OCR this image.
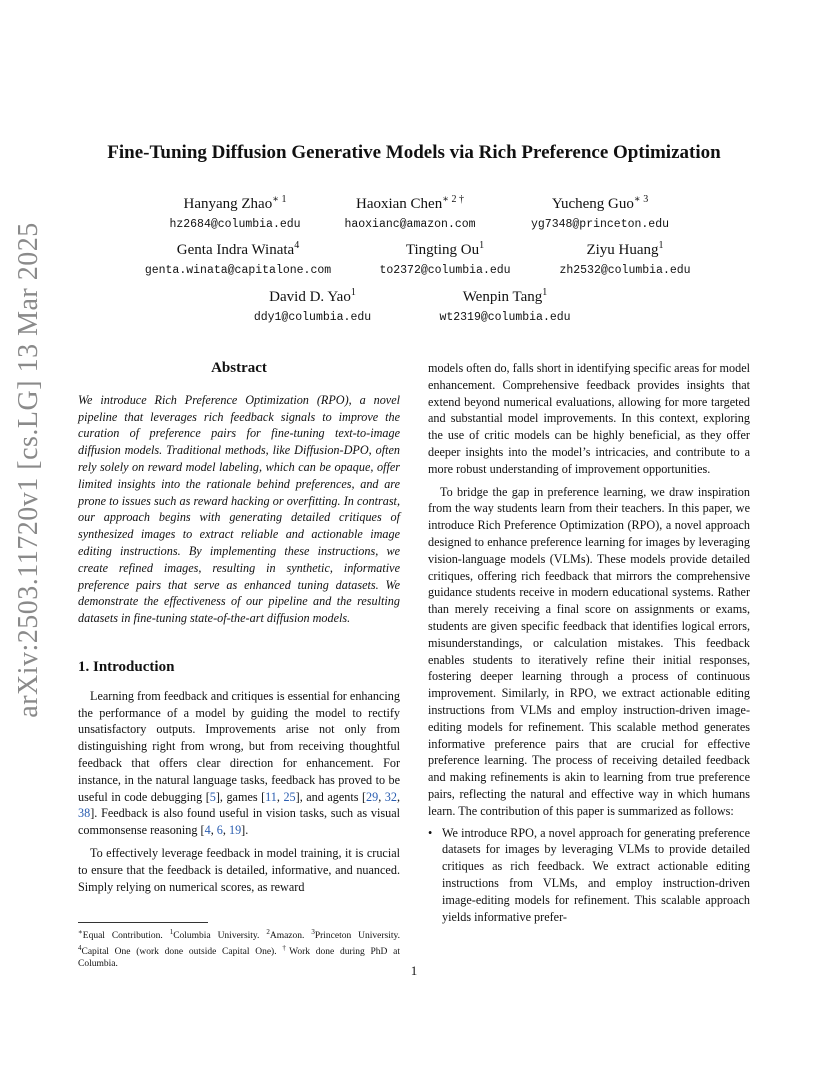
arXiv:2503.11720v1 [cs.LG] 13 Mar 2025
Fine-Tuning Diffusion Generative Models via Rich Preference Optimization
Hanyang Zhao$^{∗ 1}$
hz2684@columbia.edu
Haoxian Chen$^{∗ 2 \dagger}$
haoxianc@amazon.com
Yucheng Guo$^{∗ 3}$
yg7348@princeton.edu
Genta Indra Winata$^4$
genta.winata@capitalone.com
Tingting Ou$^1$
to2372@columbia.edu
Ziyu Huang$^1$
zh2532@columbia.edu
David D. Yao$^1$
ddy1@columbia.edu
Wenpin Tang$^1$
wt2319@columbia.edu
Abstract

We introduce Rich Preference Optimization (RPO), a novel pipeline that leverages rich feedback signals to improve the curation of preference pairs for fine-tuning text-to-image diffusion models. Traditional methods, like Diffusion-DPO, often rely solely on reward model labeling, which can be opaque, offer limited insights into the rationale behind preferences, and are prone to issues such as reward hacking or overfitting. In contrast, our approach begins with generating detailed critiques of synthesized images to extract reliable and actionable image editing instructions. By implementing these instructions, we create refined images, resulting in synthetic, informative preference pairs that serve as enhanced tuning datasets. We demonstrate the effectiveness of our pipeline and the resulting datasets in fine-tuning state-of-the-art diffusion models.

1. Introduction

Learning from feedback and critiques is essential for enhancing the performance of a model by guiding the model to rectify unsatisfactory outputs. Improvements arise not only from distinguishing right from wrong, but from receiving thoughtful feedback that offers clear direction for enhancement. For instance, in the natural language tasks, feedback has proved to be useful in code debugging [5], games [11, 25], and agents [29, 32, 38]. Feedback is also found useful in vision tasks, such as visual commonsense reasoning [4, 6, 19].

To effectively leverage feedback in model training, it is crucial to ensure that the feedback is detailed, informative, and nuanced. Simply relying on numerical scores, as reward

models often do, falls short in identifying specific areas for model enhancement. Comprehensive feedback provides insights that extend beyond numerical evaluations, allowing for more targeted and substantial model improvements. In this context, exploring the use of critic models can be highly beneficial, as they offer deeper insights into the model’s intricacies, and contribute to a more robust understanding of improvement opportunities.

To bridge the gap in preference learning, we draw inspiration from the way students learn from their teachers. In this paper, we introduce Rich Preference Optimization (RPO), a novel approach designed to enhance preference learning for images by leveraging vision-language models (VLMs). These models provide detailed critiques, offering rich feedback that mirrors the comprehensive guidance students receive in modern educational systems. Rather than merely receiving a final score on assignments or exams, students are given specific feedback that identifies logical errors, misunderstandings, or calculation mistakes. This feedback enables students to iteratively refine their initial responses, fostering deeper learning through a process of continuous improvement. Similarly, in RPO, we extract actionable editing instructions from VLMs and employ instruction-driven image-editing models for refinement. This scalable method generates informative preference pairs that are crucial for effective preference learning. The process of receiving detailed feedback and making refinements is akin to learning from true preference pairs, reflecting the natural and effective way in which humans learn. The contribution of this paper is summarized as follows:

• We introduce RPO, a novel approach for generating preference datasets for images by leveraging VLMs to provide detailed critiques as rich feedback. We extract actionable editing instructions from VLMs, and employ instruction-driven image-editing models for refinement. This scalable approach yields informative prefer-
∗Equal Contribution. $^1$Columbia University. $^2$Amazon. $^3$Princeton University. $^4$Capital One (work done outside Capital One). †Work done during PhD at Columbia.	1
